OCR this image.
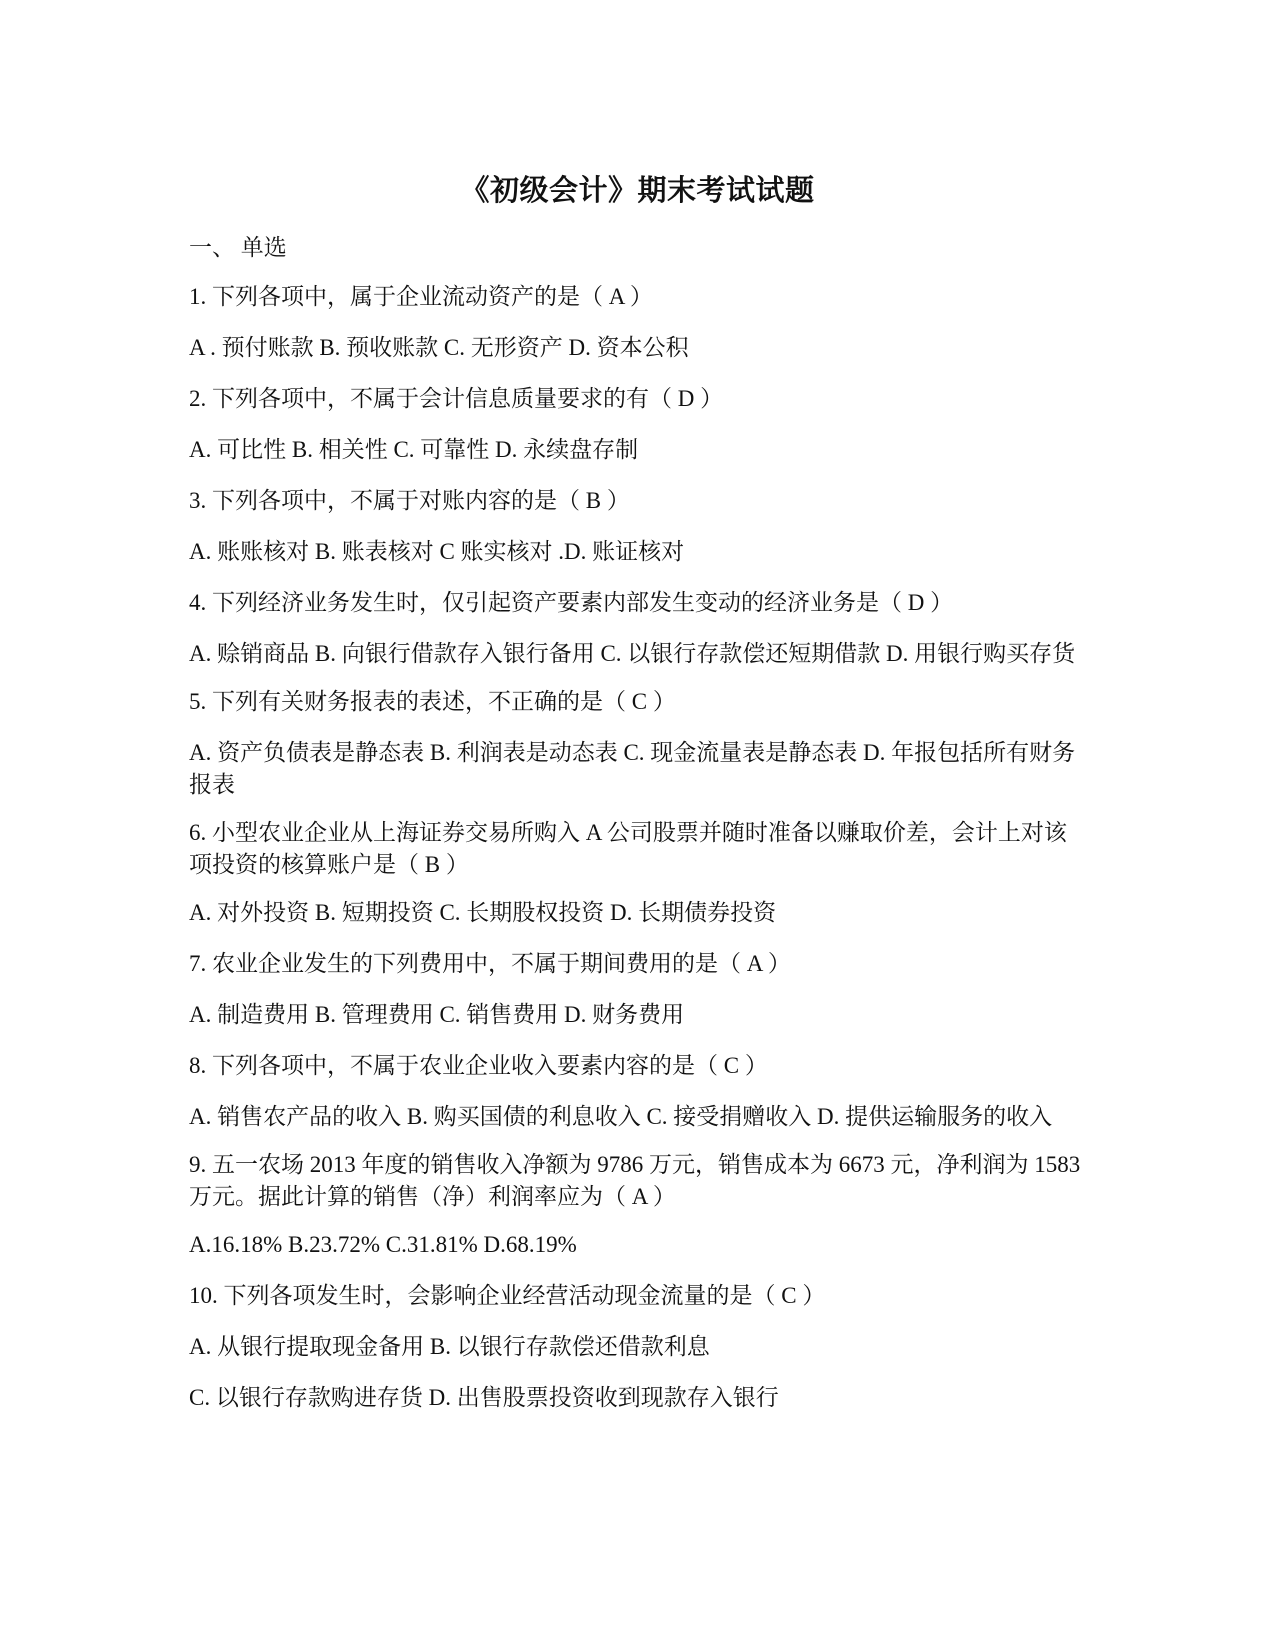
《初级会计》期末考试试题

一、 单选

1. 下列各项中，属于企业流动资产的是（ A ）

A . 预付账款 B. 预收账款 C. 无形资产 D. 资本公积

2. 下列各项中，不属于会计信息质量要求的有（ D ）

A. 可比性 B. 相关性 C. 可靠性 D. 永续盘存制

3. 下列各项中，不属于对账内容的是（ B ）

A. 账账核对 B. 账表核对 C 账实核对 .D. 账证核对

4. 下列经济业务发生时，仅引起资产要素内部发生变动的经济业务是（ D ）

A. 赊销商品 B. 向银行借款存入银行备用 C. 以银行存款偿还短期借款 D. 用银行购买存货

5. 下列有关财务报表的表述，不正确的是（ C ）

A. 资产负债表是静态表 B. 利润表是动态表 C. 现金流量表是静态表 D. 年报包括所有财务报表

6. 小型农业企业从上海证券交易所购入 A 公司股票并随时准备以赚取价差，会计上对该项投资的核算账户是（ B ）

A. 对外投资 B. 短期投资 C. 长期股权投资 D. 长期债券投资

7. 农业企业发生的下列费用中，不属于期间费用的是（ A ）

A. 制造费用 B. 管理费用 C. 销售费用 D. 财务费用

8. 下列各项中，不属于农业企业收入要素内容的是（ C ）

A. 销售农产品的收入 B. 购买国债的利息收入 C. 接受捐赠收入 D. 提供运输服务的收入

9. 五一农场 2013 年度的销售收入净额为 9786 万元，销售成本为 6673 元，净利润为 1583 万元。据此计算的销售（净）利润率应为（ A ）

A.16.18% B.23.72% C.31.81% D.68.19%

10. 下列各项发生时，会影响企业经营活动现金流量的是（ C ）

A. 从银行提取现金备用 B. 以银行存款偿还借款利息

C. 以银行存款购进存货 D. 出售股票投资收到现款存入银行
